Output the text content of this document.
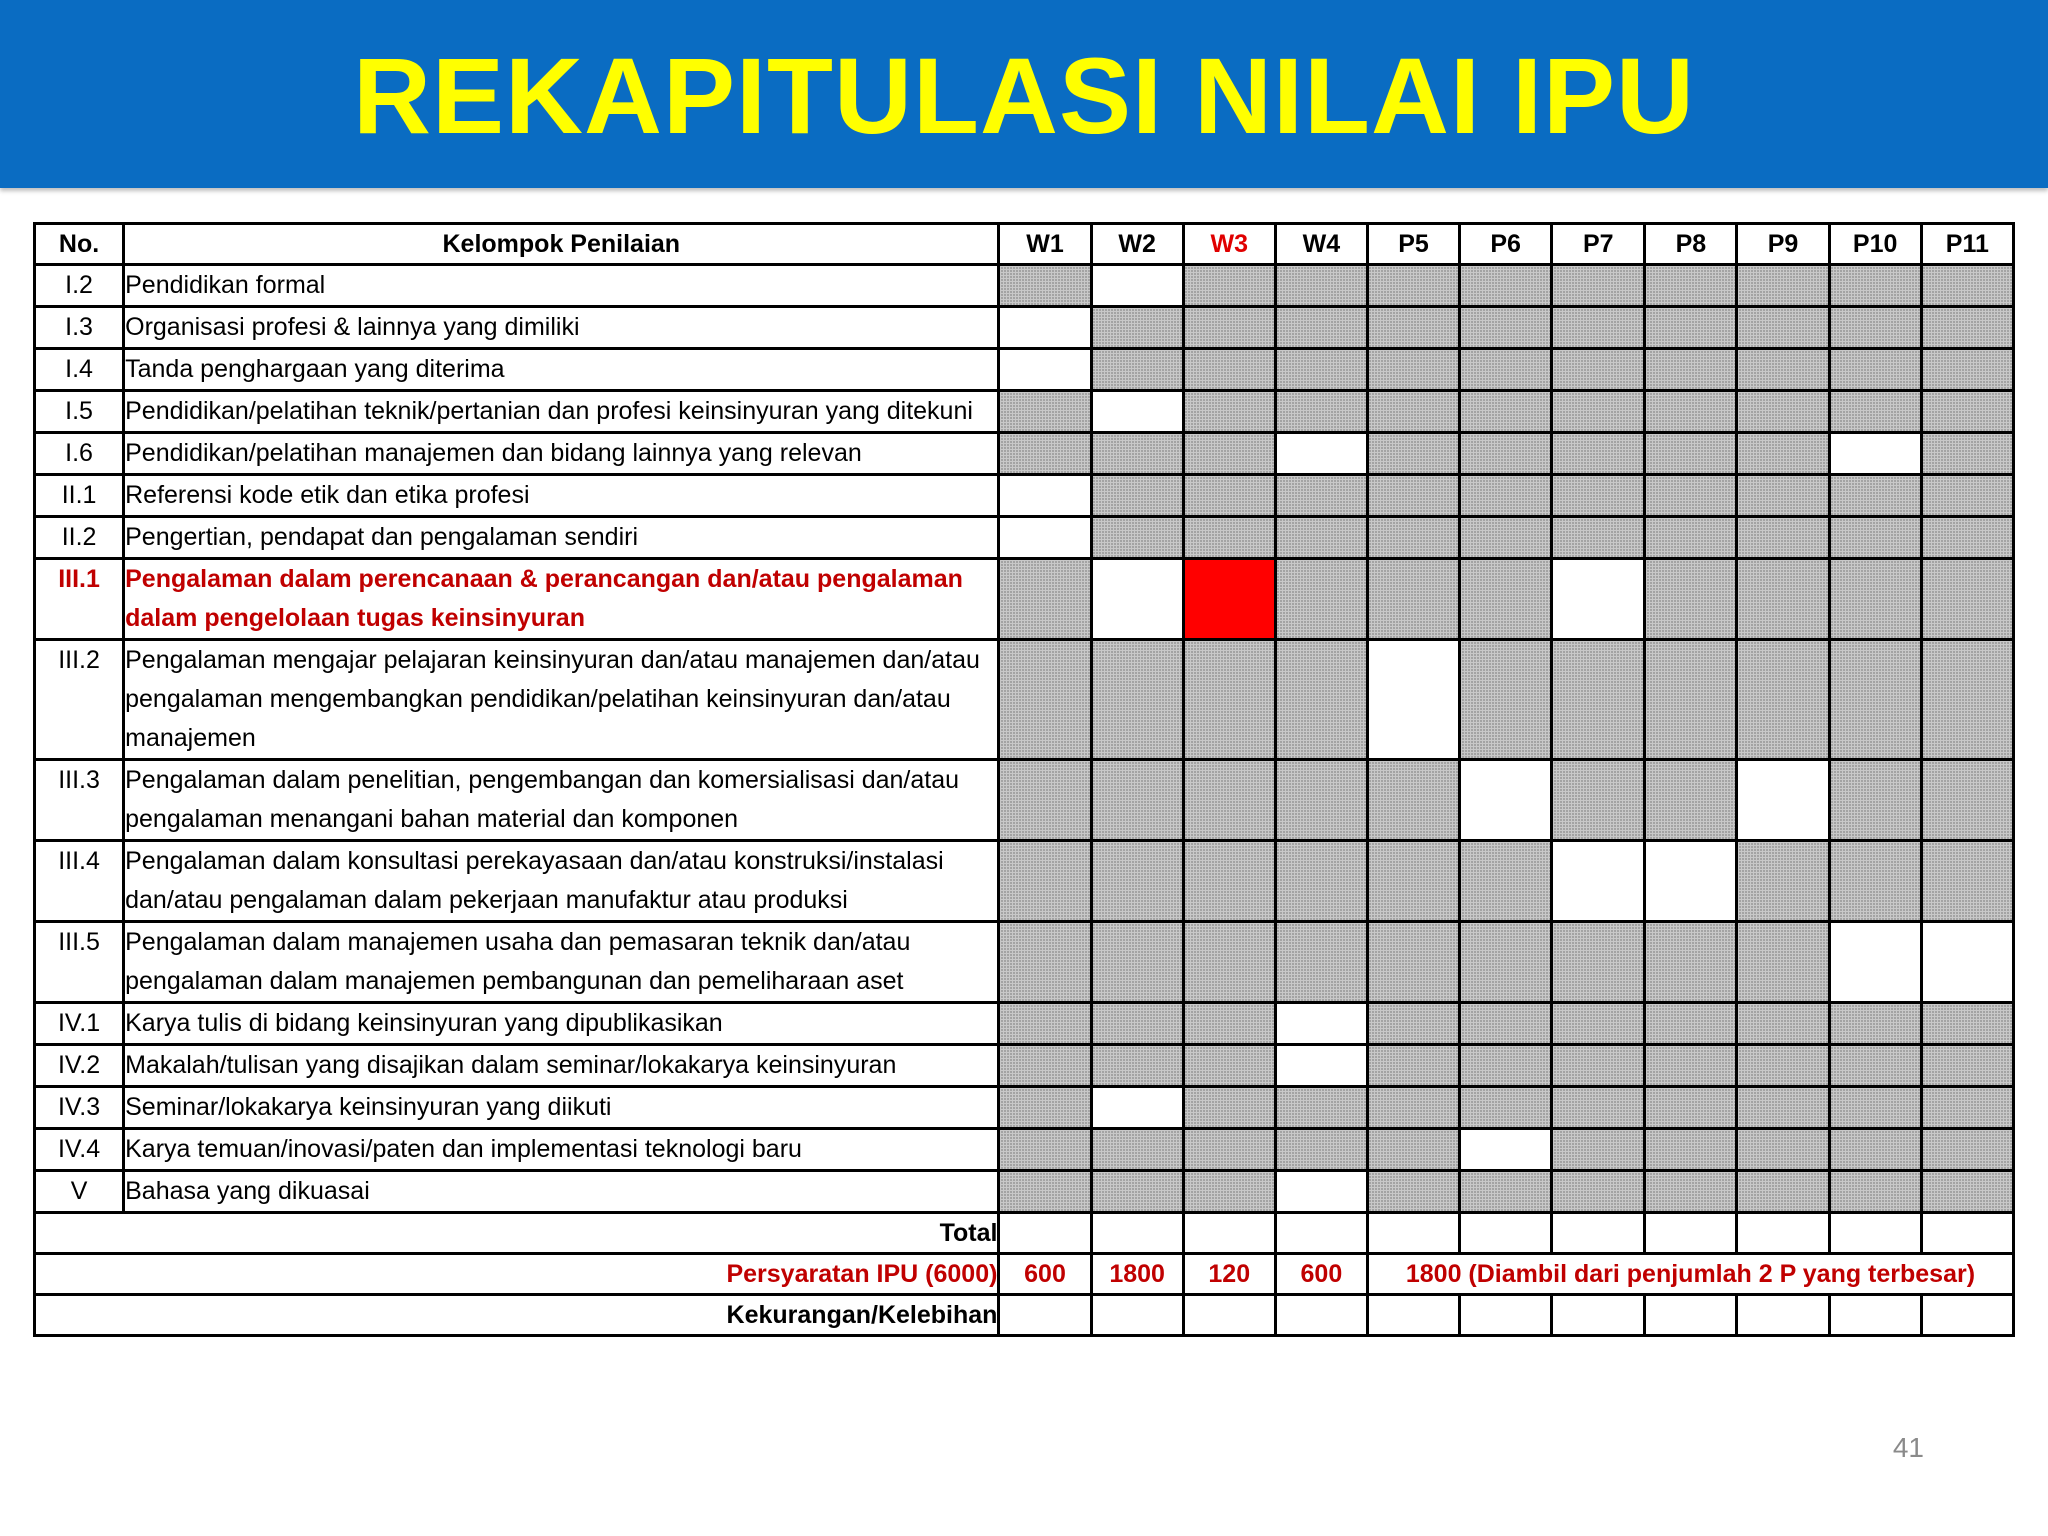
REKAPITULASI NILAI IPU
No.	Kelompok Penilaian	W1	W2	W3	W4	P5	P6	P7	P8	P9	P10	P11
I.2	Pendidikan formal											
I.3	Organisasi profesi & lainnya yang dimiliki											
I.4	Tanda penghargaan yang diterima											
I.5	Pendidikan/pelatihan teknik/pertanian dan profesi keinsinyuran yang ditekuni											
I.6	Pendidikan/pelatihan manajemen dan bidang lainnya yang relevan											
II.1	Referensi kode etik dan etika profesi											
II.2	Pengertian, pendapat dan pengalaman sendiri											
III.1	Pengalaman dalam perencanaan & perancangan dan/atau pengalaman dalam pengelolaan tugas keinsinyuran											
III.2	Pengalaman mengajar pelajaran keinsinyuran dan/atau manajemen dan/atau pengalaman mengembangkan pendidikan/pelatihan keinsinyuran dan/atau manajemen											
III.3	Pengalaman dalam penelitian, pengembangan dan komersialisasi dan/atau pengalaman menangani bahan material dan komponen											
III.4	Pengalaman dalam konsultasi perekayasaan dan/atau konstruksi/instalasi dan/atau pengalaman dalam pekerjaan manufaktur atau produksi											
III.5	Pengalaman dalam manajemen usaha dan pemasaran teknik dan/atau pengalaman dalam manajemen pembangunan dan pemeliharaan aset											
IV.1	Karya tulis di bidang keinsinyuran yang dipublikasikan											
IV.2	Makalah/tulisan yang disajikan dalam seminar/lokakarya keinsinyuran											
IV.3	Seminar/lokakarya keinsinyuran yang diikuti											
IV.4	Karya temuan/inovasi/paten dan implementasi teknologi baru											
V	Bahasa yang dikuasai											
Total												
Persyaratan IPU (6000)		600	1800	120	600	1800 (Diambil dari penjumlah 2 P yang terbesar)						
Kekurangan/Kelebihan												
41
